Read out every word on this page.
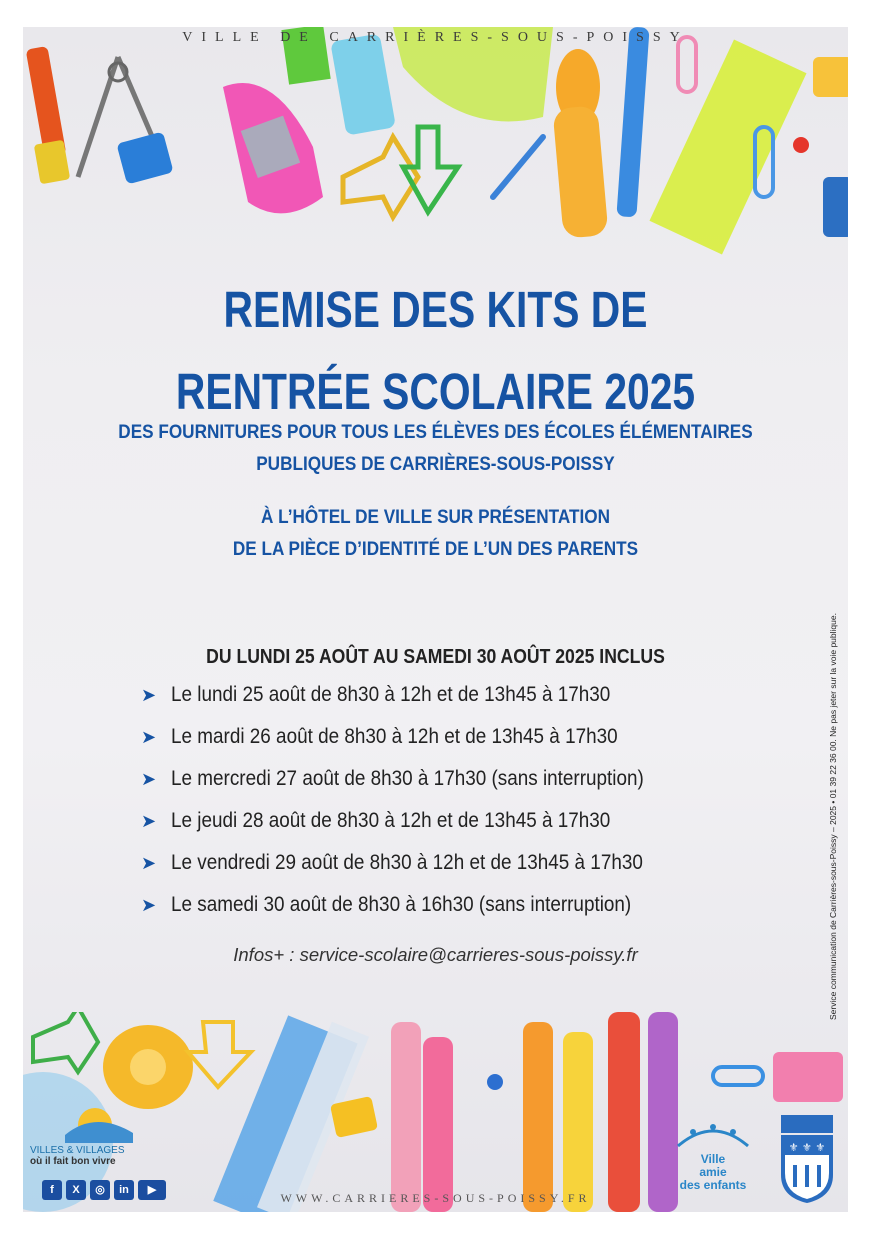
VILLE DE CARRIÈRES-SOUS-POISSY

REMISE DES KITS DE
RENTRÉE SCOLAIRE 2025

DES FOURNITURES POUR TOUS LES ÉLÈVES DES ÉCOLES ÉLÉMENTAIRES
PUBLIQUES DE CARRIÈRES-SOUS-POISSY

À L’HÔTEL DE VILLE SUR PRÉSENTATION
DE LA PIÈCE D’IDENTITÉ DE L’UN DES PARENTS

DU LUNDI 25 AOÛT AU SAMEDI 30 AOÛT 2025 INCLUS

➤ Le lundi 25 août de 8h30 à 12h et de 13h45 à 17h30
➤ Le mardi 26 août de 8h30 à 12h et de 13h45 à 17h30
➤ Le mercredi 27 août de 8h30 à 17h30 (sans interruption)
➤ Le jeudi 28 août de 8h30 à 12h et de 13h45 à 17h30
➤ Le vendredi 29 août de 8h30 à 12h et de 13h45 à 17h30
➤ Le samedi 30 août de 8h30 à 16h30 (sans interruption)

Infos+ : service-scolaire@carrieres-sous-poissy.fr

WWW.CARRIERES-SOUS-POISSY.FR
Service communication de Carrières-sous-Poissy – 2025 • 01 39 22 36 00. Ne pas jeter sur la voie publique.
VILLES & VILLAGES
où il fait bon vivre
f	X	◎	in	▶
Ville
amie
des enfants
⚜ ⚜ ⚜
